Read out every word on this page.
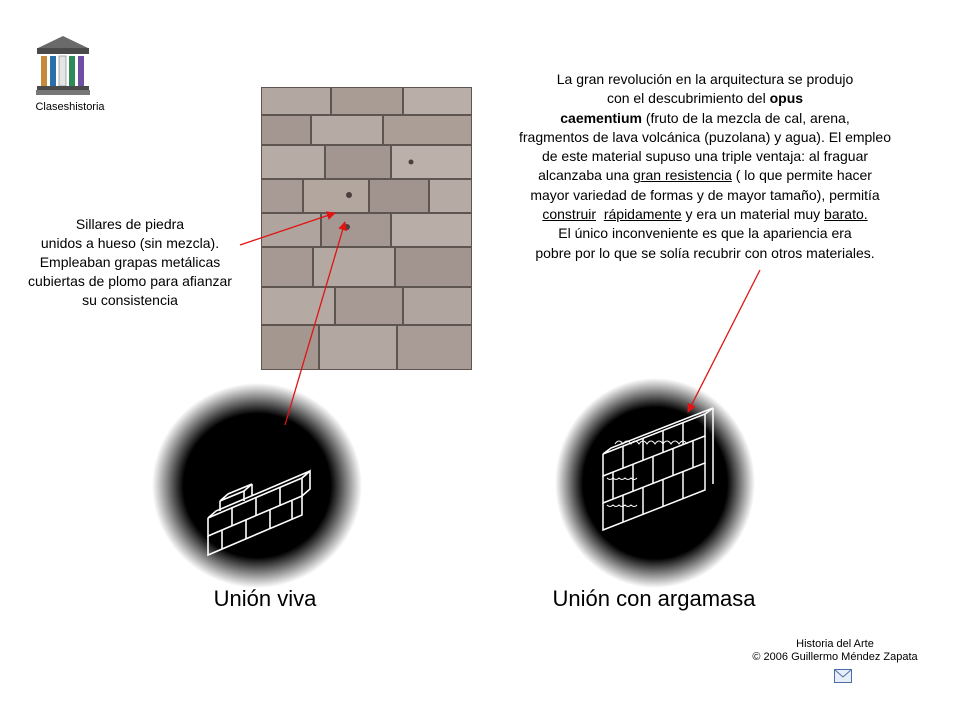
Claseshistoria
Sillares de piedra
unidos a hueso (sin mezcla).
Empleaban grapas metálicas
cubiertas de plomo para afianzar
su consistencia
La gran revolución en la arquitectura se produjo
con el descubrimiento del opus
caementium (fruto de la mezcla de cal, arena,
fragmentos de lava volcánica (puzolana) y agua). El empleo
de este material supuso una triple ventaja: al fraguar
alcanzaba una gran resistencia ( lo que permite hacer
mayor variedad de formas y de mayor tamaño), permitía
construir rápidamente y era un material muy barato.
El único inconveniente es que la apariencia era
pobre por lo que se solía recubrir con otros materiales.
Unión viva	Unión con argamasa
Historia del Arte
© 2006 Guillermo Méndez Zapata
